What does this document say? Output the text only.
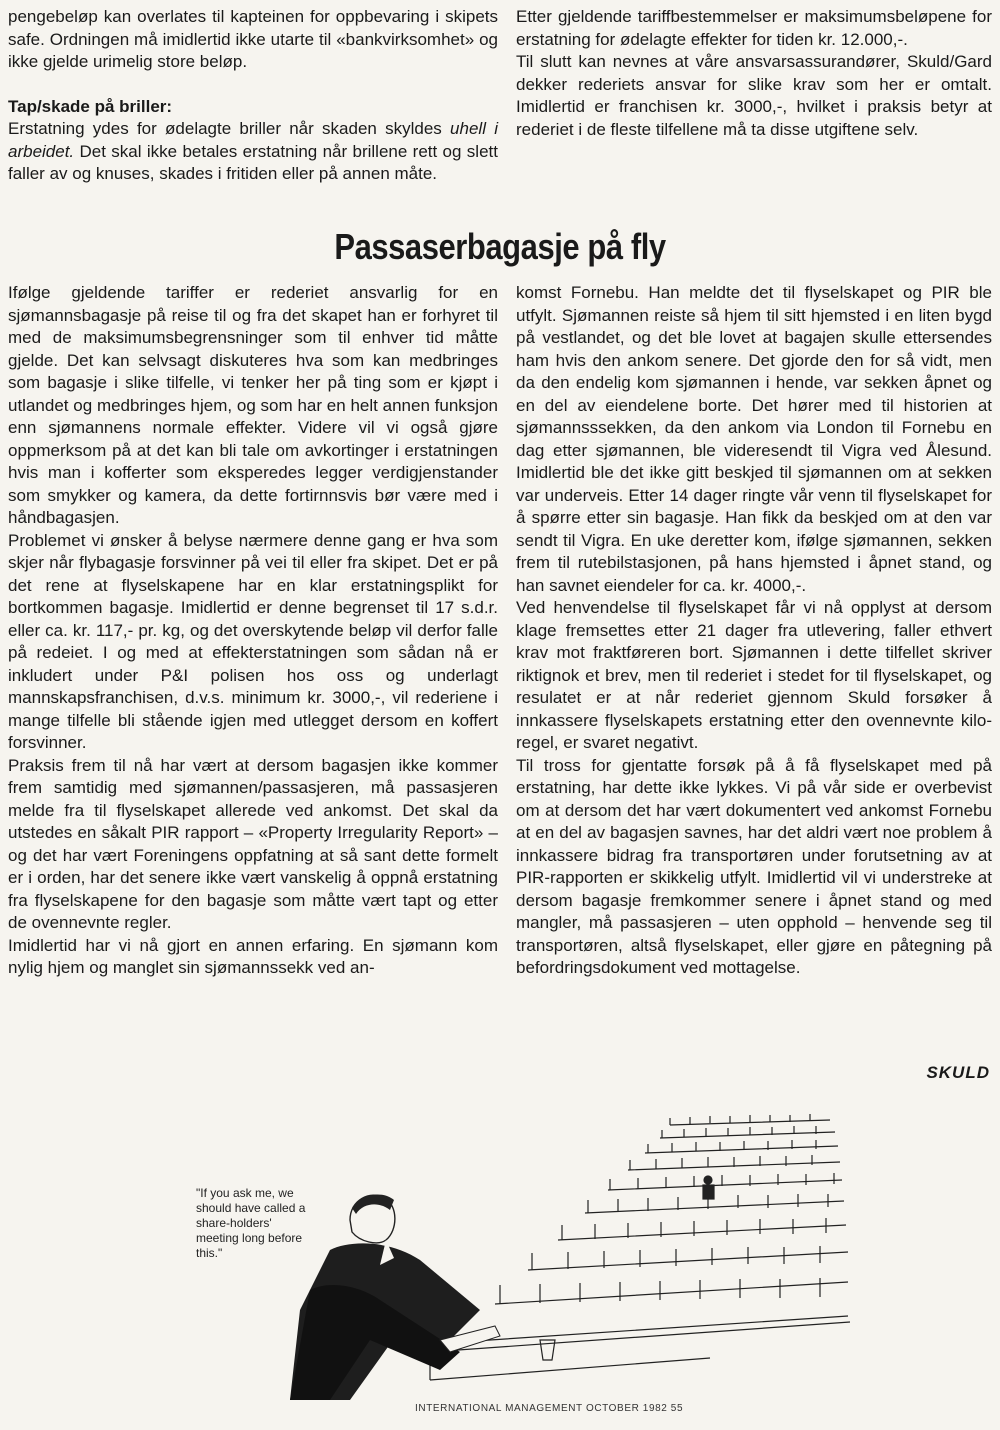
pengebeløp kan overlates til kapteinen for oppbevaring i skipets safe. Ordningen må imidlertid ikke utarte til «bankvirksomhet» og ikke gjelde urimelig store beløp.

Tap/skade på briller:

Erstatning ydes for ødelagte briller når skaden skyldes uhell i arbeidet. Det skal ikke betales erstatning når brillene rett og slett faller av og knuses, skades i fritiden eller på annen måte.

Etter gjeldende tariffbestemmelser er maksimumsbeløpene for erstatning for ødelagte effekter for tiden kr. 12.000,-.

Til slutt kan nevnes at våre ansvarsassurandører, Skuld/Gard dekker rederiets ansvar for slike krav som her er omtalt. Imidlertid er franchisen kr. 3000,-, hvilket i praksis betyr at rederiet i de fleste tilfellene må ta disse utgiftene selv.

Passaserbagasje på fly

Ifølge gjeldende tariffer er rederiet ansvarlig for en sjømannsbagasje på reise til og fra det skapet han er forhyret til med de maksimumsbegrensninger som til enhver tid måtte gjelde. Det kan selvsagt diskuteres hva som kan medbringes som bagasje i slike tilfelle, vi tenker her på ting som er kjøpt i utlandet og medbringes hjem, og som har en helt annen funksjon enn sjømannens normale effekter. Videre vil vi også gjøre oppmerksom på at det kan bli tale om avkortinger i erstatningen hvis man i kofferter som eksperedes legger verdigjenstander som smykker og kamera, da dette fortirnnsvis bør være med i håndbagasjen.

Problemet vi ønsker å belyse nærmere denne gang er hva som skjer når flybagasje forsvinner på vei til eller fra skipet. Det er på det rene at flyselskapene har en klar erstatningsplikt for bortkommen bagasje. Imidlertid er denne begrenset til 17 s.d.r. eller ca. kr. 117,- pr. kg, og det overskytende beløp vil derfor falle på redeiet. I og med at effekterstatningen som sådan nå er inkludert under P&I polisen hos oss og underlagt mannskapsfranchisen, d.v.s. minimum kr. 3000,-, vil rederiene i mange tilfelle bli stående igjen med utlegget dersom en koffert forsvinner.

Praksis frem til nå har vært at dersom bagasjen ikke kommer frem samtidig med sjømannen/passasjeren, må passasjeren melde fra til flyselskapet allerede ved ankomst. Det skal da utstedes en såkalt PIR rapport – «Property Irregularity Report» – og det har vært Foreningens oppfatning at så sant dette formelt er i orden, har det senere ikke vært vanskelig å oppnå erstatning fra flyselskapene for den bagasje som måtte vært tapt og etter de ovennevnte regler.

Imidlertid har vi nå gjort en annen erfaring. En sjømann kom nylig hjem og manglet sin sjømannssekk ved an-

komst Fornebu. Han meldte det til flyselskapet og PIR ble utfylt. Sjømannen reiste så hjem til sitt hjemsted i en liten bygd på vestlandet, og det ble lovet at bagajen skulle ettersendes ham hvis den ankom senere. Det gjorde den for så vidt, men da den endelig kom sjømannen i hende, var sekken åpnet og en del av eiendelene borte. Det hører med til historien at sjømannsssekken, da den ankom via London til Fornebu en dag etter sjømannen, ble videresendt til Vigra ved Ålesund. Imidlertid ble det ikke gitt beskjed til sjømannen om at sekken var underveis. Etter 14 dager ringte vår venn til flyselskapet for å spørre etter sin bagasje. Han fikk da beskjed om at den var sendt til Vigra. En uke deretter kom, ifølge sjømannen, sekken frem til rutebilstasjonen, på hans hjemsted i åpnet stand, og han savnet eiendeler for ca. kr. 4000,-.

Ved henvendelse til flyselskapet får vi nå opplyst at dersom klage fremsettes etter 21 dager fra utlevering, faller ethvert krav mot fraktføreren bort. Sjømannen i dette tilfellet skriver riktignok et brev, men til rederiet i stedet for til flyselskapet, og resulatet er at når rederiet gjennom Skuld forsøker å innkassere flyselskapets erstatning etter den ovennevnte kilo-regel, er svaret negativt.

Til tross for gjentatte forsøk på å få flyselskapet med på erstatning, har dette ikke lykkes. Vi på vår side er overbevist om at dersom det har vært dokumentert ved ankomst Fornebu at en del av bagasjen savnes, har det aldri vært noe problem å innkassere bidrag fra transportøren under forutsetning av at PIR-rapporten er skikkelig utfylt. Imidlertid vil vi understreke at dersom bagasje fremkommer senere i åpnet stand og med mangler, må passasjeren – uten opphold – henvende seg til transportøren, altså flyselskapet, eller gjøre en påtegning på befordringsdokument ved mottagelse.

SKULD
"If you ask me, we should have called a share-holders' meeting long before this."
INTERNATIONAL MANAGEMENT OCTOBER 1982 55
